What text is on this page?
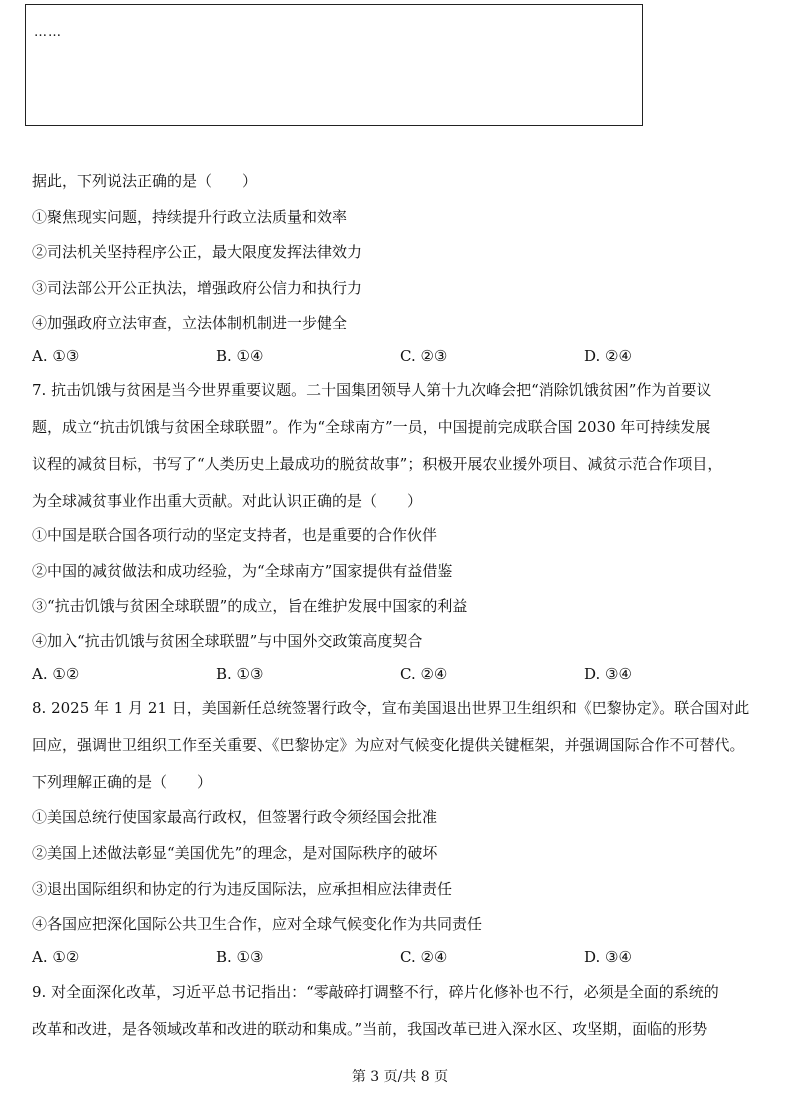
……
据此，下列说法正确的是（　　）
①聚焦现实问题，持续提升行政立法质量和效率
②司法机关坚持程序公正，最大限度发挥法律效力
③司法部公开公正执法，增强政府公信力和执行力
④加强政府立法审查，立法体制机制进一步健全
A. ①③	B. ①④	C. ②③	D. ②④
7. 抗击饥饿与贫困是当今世界重要议题。二十国集团领导人第十九次峰会把“消除饥饿贫困”作为首要议
题，成立“抗击饥饿与贫困全球联盟”。作为“全球南方”一员，中国提前完成联合国 2030 年可持续发展
议程的减贫目标，书写了“人类历史上最成功的脱贫故事”；积极开展农业援外项目、减贫示范合作项目，
为全球减贫事业作出重大贡献。对此认识正确的是（　　）
①中国是联合国各项行动的坚定支持者，也是重要的合作伙伴
②中国的减贫做法和成功经验，为“全球南方”国家提供有益借鉴
③“抗击饥饿与贫困全球联盟”的成立，旨在维护发展中国家的利益
④加入“抗击饥饿与贫困全球联盟”与中国外交政策高度契合
A. ①②	B. ①③	C. ②④	D. ③④
8. 2025 年 1 月 21 日，美国新任总统签署行政令，宣布美国退出世界卫生组织和《巴黎协定》。联合国对此
回应，强调世卫组织工作至关重要、《巴黎协定》为应对气候变化提供关键框架，并强调国际合作不可替代。
下列理解正确的是（　　）
①美国总统行使国家最高行政权，但签署行政令须经国会批准
②美国上述做法彰显“美国优先”的理念，是对国际秩序的破坏
③退出国际组织和协定的行为违反国际法，应承担相应法律责任
④各国应把深化国际公共卫生合作，应对全球气候变化作为共同责任
A. ①②	B. ①③	C. ②④	D. ③④
9. 对全面深化改革，习近平总书记指出：“零敲碎打调整不行，碎片化修补也不行，必须是全面的系统的
改革和改进，是各领域改革和改进的联动和集成。”当前，我国改革已进入深水区、攻坚期，面临的形势
第 3 页/共 8 页
